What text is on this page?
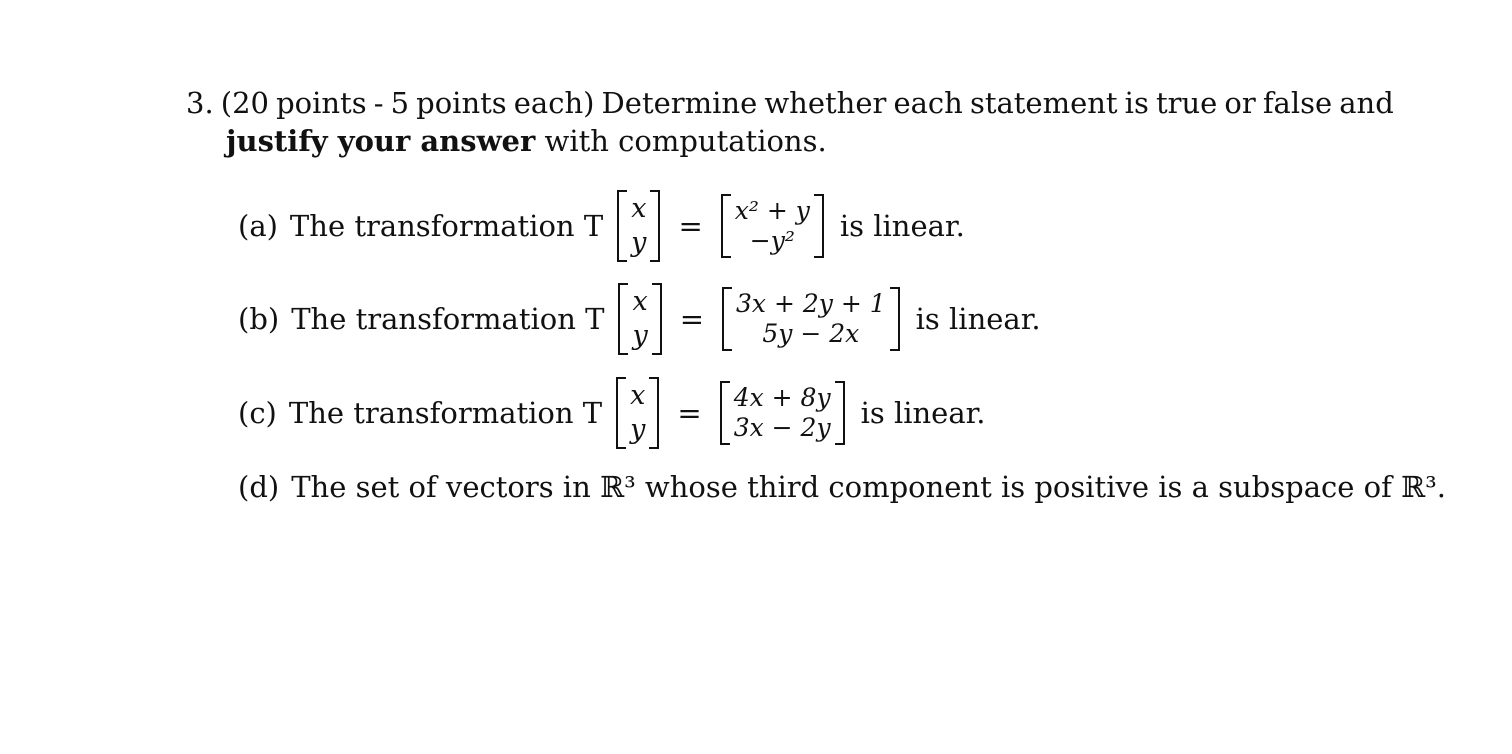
3. (20 points - 5 points each) Determine whether each statement is true or false and
justify your answer with computations.
(a) The transformation T
x
y = x² + y
−y² is linear.
(b) The transformation T
x
y = 3x + 2y + 1
5y − 2x is linear.
(c) The transformation T
x
y = 4x + 8y
3x − 2y is linear.
(d) The set of vectors in ℝ³ whose third component is positive is a subspace of ℝ³.
